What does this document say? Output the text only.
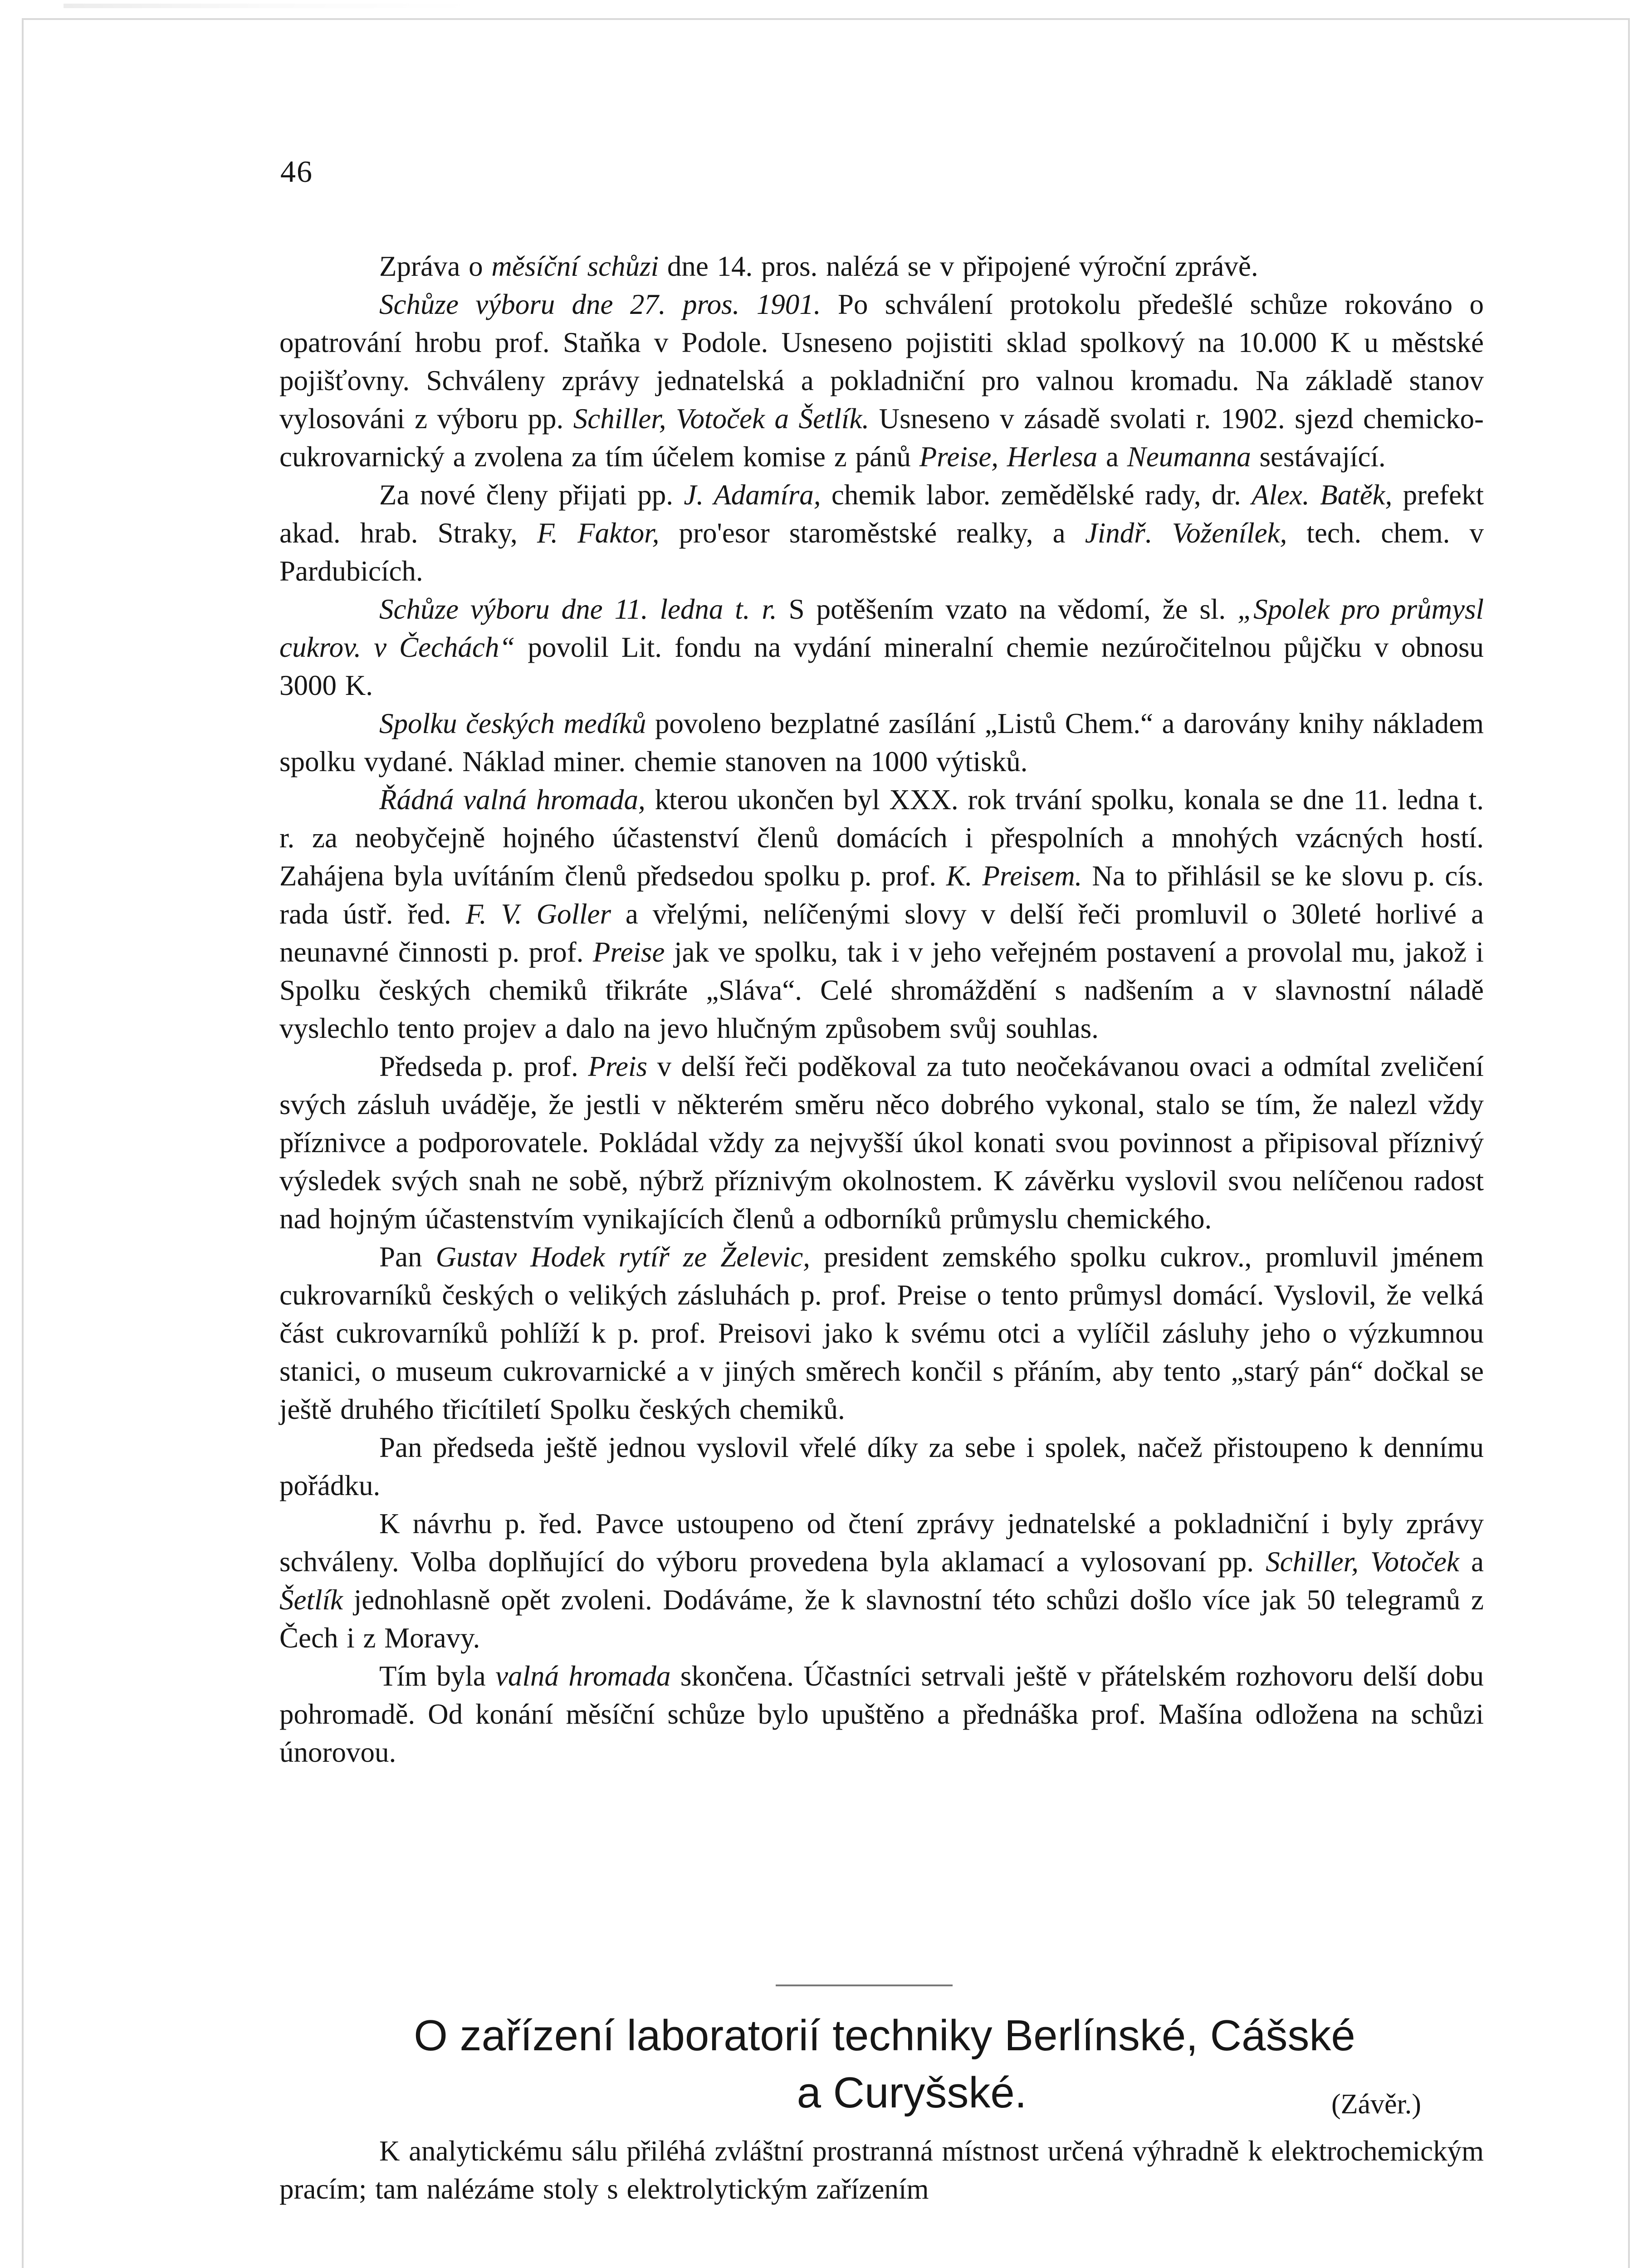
46

Zpráva o měsíční schůzi dne 14. pros. nalézá se v připojené výroční zprávě.

Schůze výboru dne 27. pros. 1901. Po schválení protokolu předešlé schůze rokováno o opatrování hrobu prof. Staňka v Podole. Usneseno pojistiti sklad spolkový na 10.000 K u městské pojišťovny. Schváleny zprávy jednatelská a pokladniční pro valnou kromadu. Na základě stanov vylosováni z výboru pp. Schiller, Votoček a Šetlík. Usneseno v zásadě svolati r. 1902. sjezd chemicko-cukrovarnický a zvolena za tím účelem komise z pánů Preise, Herlesa a Neumanna sestávající.

Za nové členy přijati pp. J. Adamíra, chemik labor. zemědělské rady, dr. Alex. Batěk, prefekt akad. hrab. Straky, F. Faktor, pro'esor staroměstské realky, a Jindř. Voženílek, tech. chem. v Pardubicích.

Schůze výboru dne 11. ledna t. r. S potěšením vzato na vědomí, že sl. „Spolek pro průmysl cukrov. v Čechách“ povolil Lit. fondu na vydání mineralní chemie nezúročitelnou půjčku v obnosu 3000 K.

Spolku českých medíků povoleno bezplatné zasílání „Listů Chem.“ a darovány knihy nákladem spolku vydané. Náklad miner. chemie stanoven na 1000 výtisků.

Řádná valná hromada, kterou ukončen byl XXX. rok trvání spolku, konala se dne 11. ledna t. r. za neobyčejně hojného účastenství členů domácích i přespolních a mnohých vzácných hostí. Zahájena byla uvítáním členů předsedou spolku p. prof. K. Preisem. Na to přihlásil se ke slovu p. cís. rada ústř. řed. F. V. Goller a vřelými, nelíčenými slovy v delší řeči promluvil o 30leté horlivé a neunavné činnosti p. prof. Preise jak ve spolku, tak i v jeho veřejném postavení a provolal mu, jakož i Spolku českých chemiků třikráte „Sláva“. Celé shromáždění s nadšením a v slavnostní náladě vyslechlo tento projev a dalo na jevo hlučným způsobem svůj souhlas.

Předseda p. prof. Preis v delší řeči poděkoval za tuto neočekávanou ovaci a odmítal zveličení svých zásluh uváděje, že jestli v některém směru něco dobrého vykonal, stalo se tím, že nalezl vždy příznivce a podporovatele. Pokládal vždy za nejvyšší úkol konati svou povinnost a připisoval příznivý výsledek svých snah ne sobě, nýbrž příznivým okolnostem. K závěrku vyslovil svou nelíčenou radost nad hojným účastenstvím vynikajících členů a odborníků průmyslu chemického.

Pan Gustav Hodek rytíř ze Želevic, president zemského spolku cukrov., promluvil jménem cukrovarníků českých o velikých zásluhách p. prof. Preise o tento průmysl domácí. Vyslovil, že velká část cukrovarníků pohlíží k p. prof. Preisovi jako k svému otci a vylíčil zásluhy jeho o výzkumnou stanici, o museum cukrovarnické a v jiných směrech končil s přáním, aby tento „starý pán“ dočkal se ještě druhého třicítiletí Spolku českých chemiků.

Pan předseda ještě jednou vyslovil vřelé díky za sebe i spolek, načež přistoupeno k dennímu pořádku.

K návrhu p. řed. Pavce ustoupeno od čtení zprávy jednatelské a pokladniční i byly zprávy schváleny. Volba doplňující do výboru provedena byla aklamací a vylosovaní pp. Schiller, Votoček a Šetlík jednohlasně opět zvoleni. Dodáváme, že k slavnostní této schůzi došlo více jak 50 telegramů z Čech i z Moravy.

Tím byla valná hromada skončena. Účastníci setrvali ještě v přátelském rozhovoru delší dobu pohromadě. Od konání měsíční schůze bylo upuštěno a přednáška prof. Mašína odložena na schůzi únorovou.

O zařízení laboratorií techniky Berlínské, Cášské
a Curyšské.	(Závěr.)

K analytickému sálu přiléhá zvláštní prostranná místnost určená výhradně k elektrochemickým pracím; tam nalézáme stoly s elektrolytickým zařízením
